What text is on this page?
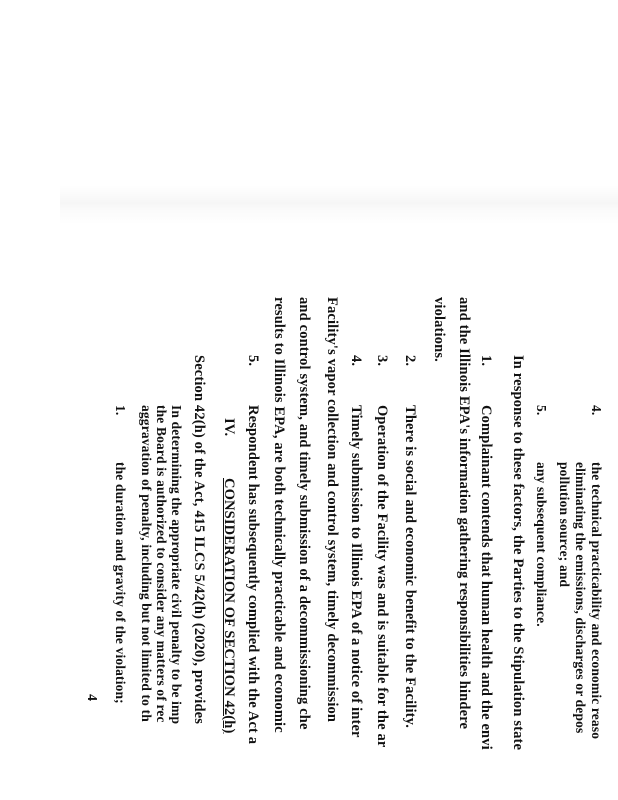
4.
the technical practicability and economic reaso
eliminating the emissions, discharges or depos
pollution source; and
5.
any subsequent compliance.
In response to these factors, the Parties to the Stipulation state
1.
Complainant contends that human health and the envi
and the Illinois EPA's information gathering responsibilities hindere
violations.
2.
There is social and economic benefit to the Facility.
3.
Operation of the Facility was and is suitable for the ar
4.
Timely submission to Illinois EPA of a notice of inter
Facility's vapor collection and control system, timely decommission
and control system, and timely submission of a decommissioning che
results to Illinois EPA, are both technically practicable and economic
5.
Respondent has subsequently complied with the Act a
IV.
CONSIDERATION OF SECTION 42(h)
Section 42(h) of the Act, 415 ILCS 5/42(h) (2020), provides
In determining the appropriate civil penalty to be imp
the Board is authorized to consider any matters of rec
aggravation of penalty, including but not limited to th
1.
the duration and gravity of the violation;
4
